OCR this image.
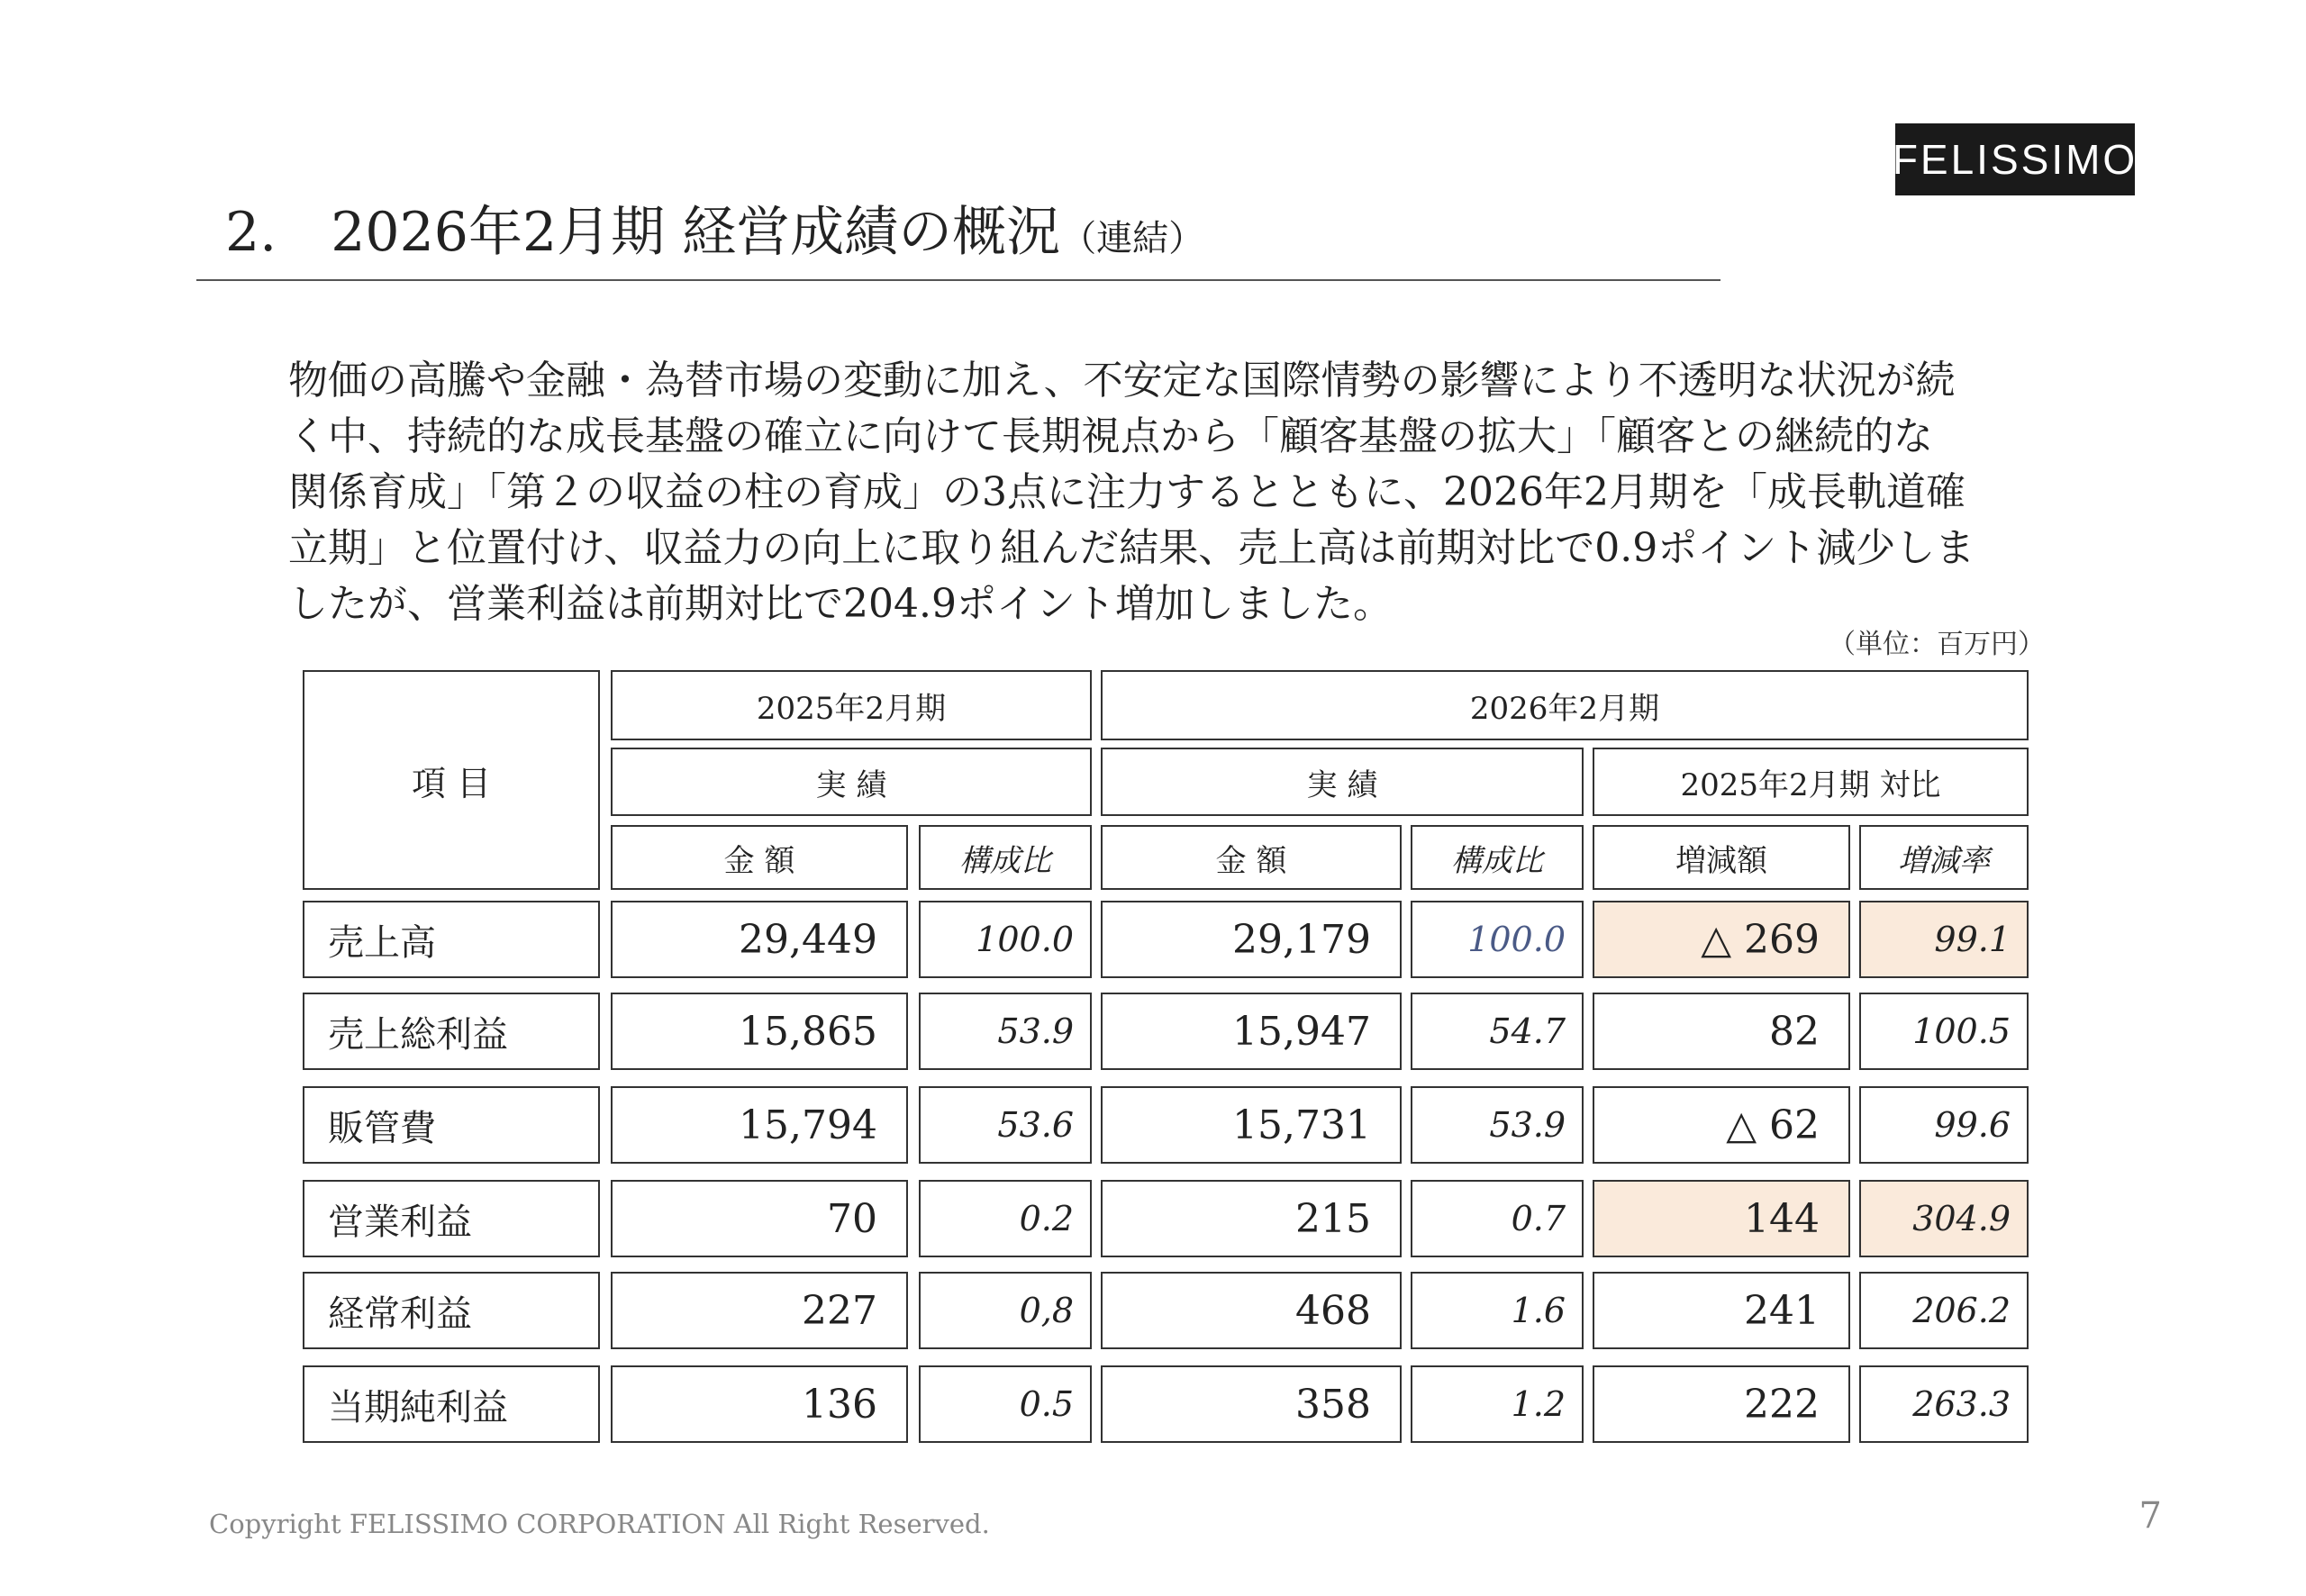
FELISSIMO
2.　2026年2月期 経営成績の概況（連結）
物価の高騰や金融・為替市場の変動に加え、不安定な国際情勢の影響により不透明な状況が続
く中、持続的な成長基盤の確立に向けて長期視点から「顧客基盤の拡大」「顧客との継続的な
関係育成」「第２の収益の柱の育成」の3点に注力するとともに、2026年2月期を「成長軌道確
立期」と位置付け、収益力の向上に取り組んだ結果、売上高は前期対比で0.9ポイント減少しま
したが、営業利益は前期対比で204.9ポイント増加しました。
（単位：百万円）
項 目
2025年2月期	2026年2月期
実 績	実 績	2025年2月期 対比
金 額	構成比	金 額	構成比	増減額	増減率
売上高	29,449	100.0	29,179	100.0	△ 269	99.1
売上総利益	15,865	53.9	15,947	54.7	82	100.5
販管費	15,794	53.6	15,731	53.9	△ 62	99.6
営業利益	70	0.2	215	0.7	144	304.9
経常利益	227	0,8	468	1.6	241	206.2
当期純利益	136	0.5	358	1.2	222	263.3
Copyright FELISSIMO CORPORATION All Right Reserved.	7
